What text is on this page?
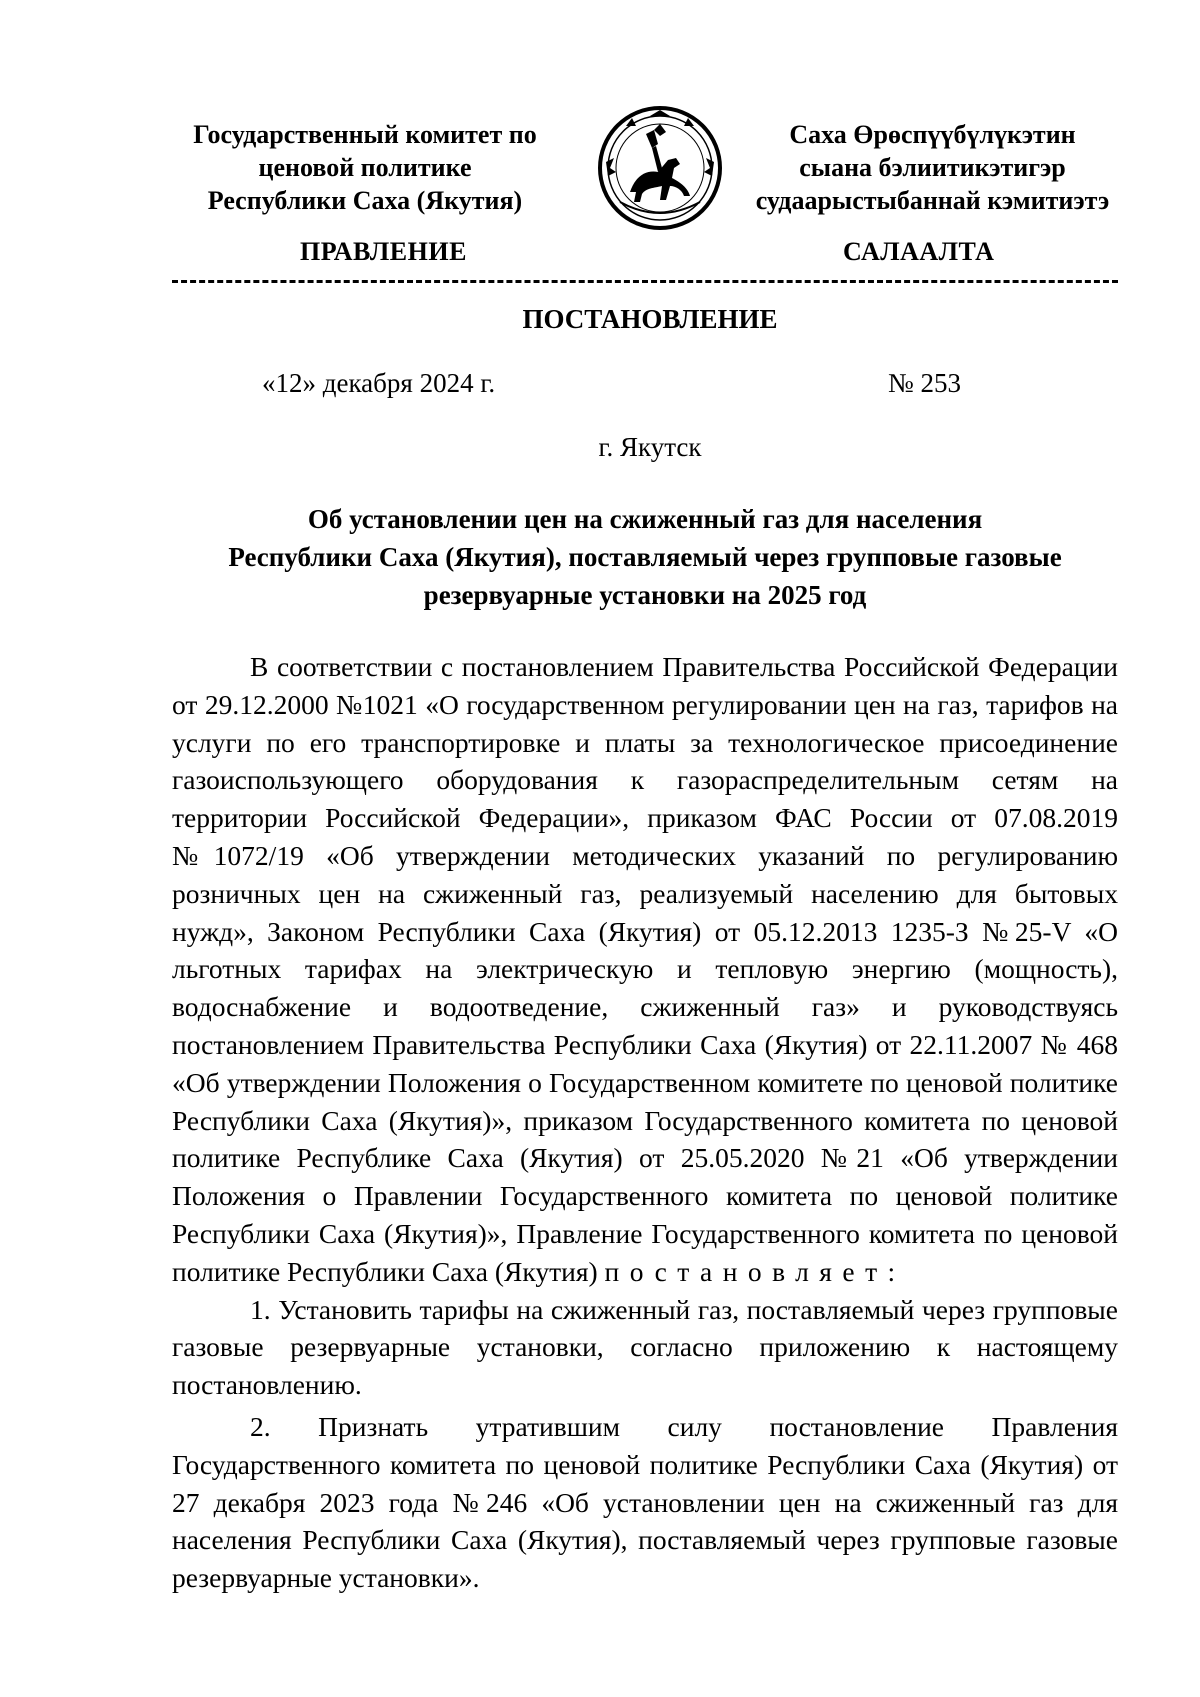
Государственный комитет по
ценовой политике
Республики Саха (Якутия)
Саха Өрөспүүбүлүкэтин
сыана бэлиитикэтигэр
судаарыстыбаннай кэмитиэтэ
ПРАВЛЕНИЕ	САЛААЛТА
ПОСТАНОВЛЕНИЕ
«12» декабря 2024 г.	№ 253
г. Якутск
Об установлении цен на сжиженный газ для населения
Республики Саха (Якутия), поставляемый через групповые газовые
резервуарные установки на 2025 год

В соответствии с постановлением Правительства Российской Федерации от 29.12.2000 №1021 «О государственном регулировании цен на газ, тарифов на услуги по его транспортировке и платы за технологическое присоединение газоиспользующего оборудования к газораспределительным сетям на территории Российской Федерации», приказом ФАС России от 07.08.2019 №1072/19 «Об утверждении методических указаний по регулированию розничных цен на сжиженный газ, реализуемый населению для бытовых нужд», Законом Республики Саха (Якутия) от 05.12.2013 1235-З №25-V «О льготных тарифах на электрическую и тепловую энергию (мощность), водоснабжение и водоотведение, сжиженный газ» и руководствуясь постановлением Правительства Республики Саха (Якутия) от 22.11.2007 № 468 «Об утверждении Положения о Государственном комитете по ценовой политике Республики Саха (Якутия)», приказом Государственного комитета по ценовой политике Республике Саха (Якутия) от 25.05.2020 №21 «Об утверждении Положения о Правлении Государственного комитета по ценовой политике Республики Саха (Якутия)», Правление Государственного комитета по ценовой политике Республики Саха (Якутия) постановляет:

1. Установить тарифы на сжиженный газ, поставляемый через групповые газовые резервуарные установки, согласно приложению к настоящему постановлению.

2. Признать утратившим силу постановление Правления Государственного комитета по ценовой политике Республики Саха (Якутия) от 27 декабря 2023 года №246 «Об установлении цен на сжиженный газ для населения Республики Саха (Якутия), поставляемый через групповые газовые резервуарные установки».
